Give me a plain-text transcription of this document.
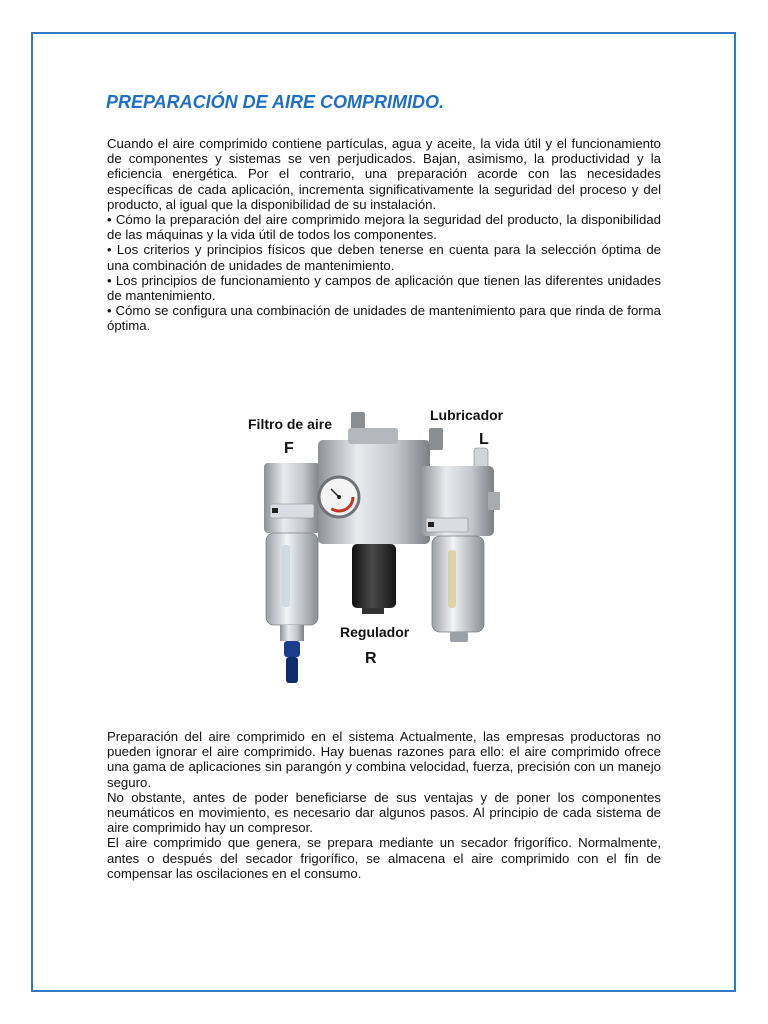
PREPARACIÓN DE AIRE COMPRIMIDO.

Cuando el aire comprimido contiene partículas, agua y aceite, la vida útil y el funcionamiento de componentes y sistemas se ven perjudicados. Bajan, asimismo, la productividad y la eficiencia energética. Por el contrario, una preparación acorde con las necesidades específicas de cada aplicación, incrementa significativamente la seguridad del proceso y del producto, al igual que la disponibilidad de su instalación.

• Cómo la preparación del aire comprimido mejora la seguridad del producto, la disponibilidad de las máquinas y la vida útil de todos los componentes.

• Los criterios y principios físicos que deben tenerse en cuenta para la selección óptima de una combinación de unidades de mantenimiento.

• Los principios de funcionamiento y campos de aplicación que tienen las diferentes unidades de mantenimiento.

• Cómo se configura una combinación de unidades de mantenimiento para que rinda de forma óptima.

Filtro de aire
F
Lubricador
L
Regulador
R

Preparación del aire comprimido en el sistema Actualmente, las empresas productoras no pueden ignorar el aire comprimido. Hay buenas razones para ello: el aire comprimido ofrece una gama de aplicaciones sin parangón y combina velocidad, fuerza, precisión con un manejo seguro.

No obstante, antes de poder beneficiarse de sus ventajas y de poner los componentes neumáticos en movimiento, es necesario dar algunos pasos. Al principio de cada sistema de aire comprimido hay un compresor.

El aire comprimido que genera, se prepara mediante un secador frigorífico. Normalmente, antes o después del secador frigorífico, se almacena el aire comprimido con el fin de compensar las oscilaciones en el consumo.
